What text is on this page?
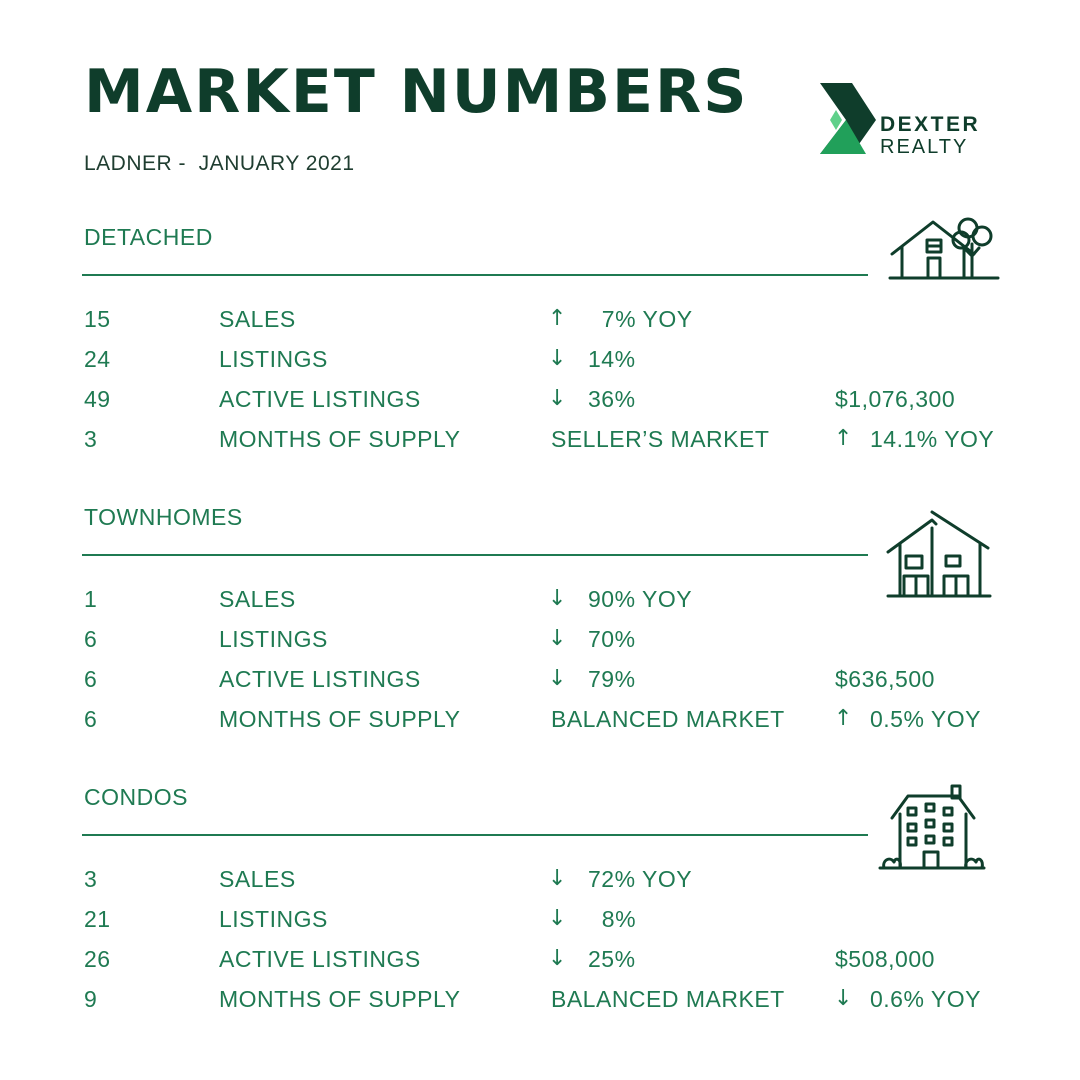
MARKET NUMBERS
LADNER -  JANUARY 2021
DEXTER
REALTY
DETACHED
15	SALES	↑ 7% YOY
24	LISTINGS	↓ 14%
49	ACTIVE LISTINGS	↓ 36%	$1,076,300
3	MONTHS OF SUPPLY	SELLER’S MARKET	↑ 14.1% YOY
TOWNHOMES
1	SALES	↓ 90% YOY
6	LISTINGS	↓ 70%
6	ACTIVE LISTINGS	↓ 79%	$636,500
6	MONTHS OF SUPPLY	BALANCED MARKET ↑ 0.5% YOY
CONDOS
3	SALES	↓ 72% YOY
21	LISTINGS	↓ 8%
26	ACTIVE LISTINGS	↓ 25%	$508,000
9	MONTHS OF SUPPLY	BALANCED MARKET ↓ 0.6% YOY
